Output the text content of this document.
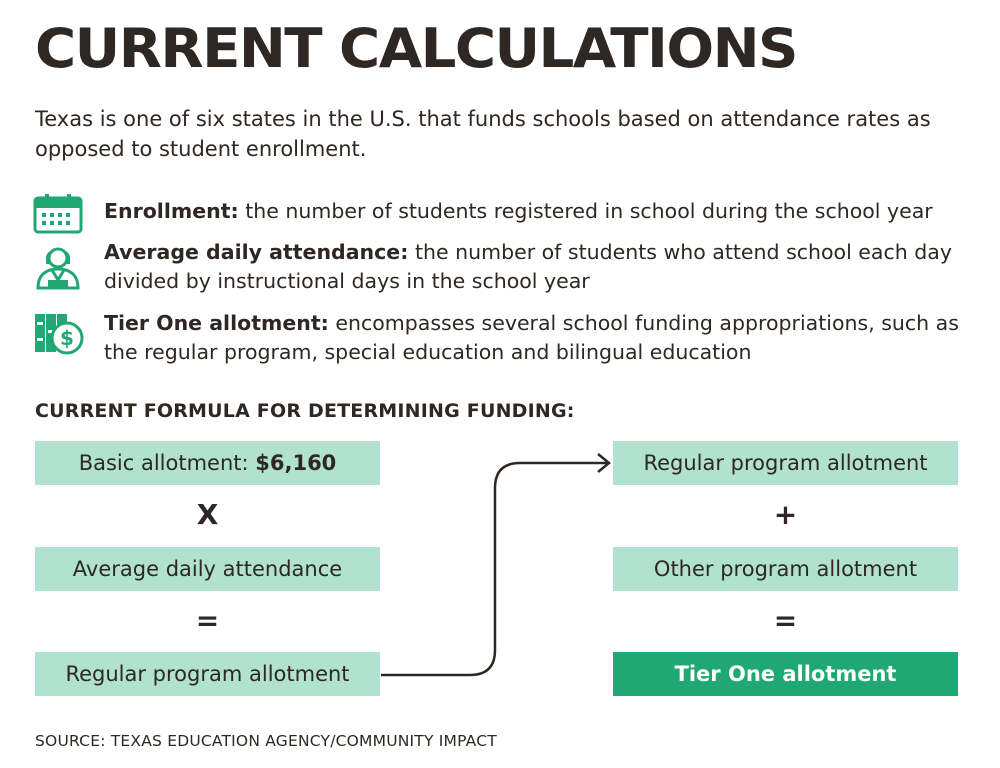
CURRENT CALCULATIONS
Texas is one of six states in the U.S. that funds schools based on attendance rates as opposed to student enrollment.
Enrollment: the number of students registered in school during the school year
Average daily attendance: the number of students who attend school each day divided by instructional days in the school year
$
Tier One allotment: encompasses several school funding appropriations, such as the regular program, special education and bilingual education
CURRENT FORMULA FOR DETERMINING FUNDING:
Basic allotment: $6,160
X
Average daily attendance
=
Regular program allotment
Regular program allotment
+
Other program allotment
=
Tier One allotment
SOURCE: TEXAS EDUCATION AGENCY/COMMUNITY IMPACT
